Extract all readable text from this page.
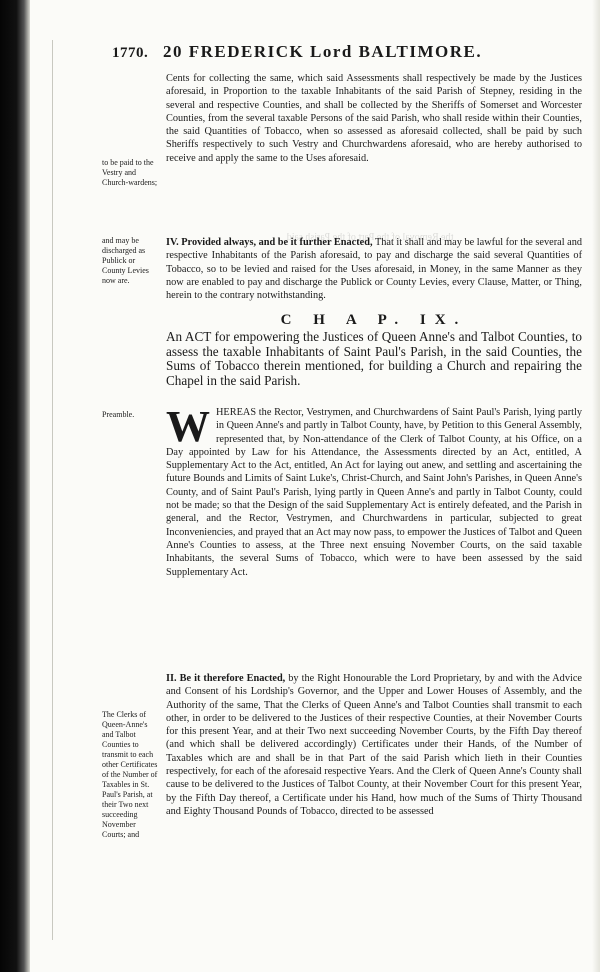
1770. 20 FREDERICK Lord BALTIMORE.
the Removal of the Part of the Parish said

Cents for collecting the same, which said Assessments shall respectively be made by the Justices aforesaid, in Proportion to the taxable Inhabitants of the said Parish of Stepney, residing in the several and respective Counties, and shall be collected by the Sheriffs of Somerset and Worcester Counties, from the several taxable Persons of the said Parish, who shall reside within their Counties, the said Quantities of Tobacco, when so assessed as aforesaid collected, shall be paid by such Sheriffs respectively to such Vestry and Churchwardens aforesaid, who are hereby authorised to receive and apply the same to the Uses aforesaid.

to be paid to the Vestry and Church-wardens;
and may be discharged as Publick or County Levies now are.

IV. Provided always, and be it further Enacted, That it shall and may be lawful for the several and respective Inhabitants of the Parish aforesaid, to pay and discharge the said several Quantities of Tobacco, so to be levied and raised for the Uses aforesaid, in Money, in the same Manner as they now are enabled to pay and discharge the Publick or County Levies, every Clause, Matter, or Thing, herein to the contrary notwithstanding.

C H A P. IX.
An ACT for empowering the Justices of Queen Anne's and Talbot Counties, to assess the taxable Inhabitants of Saint Paul's Parish, in the said Counties, the Sums of Tobacco therein mentioned, for building a Church and repairing the Chapel in the said Parish.
Preamble. WHEREAS the Rector, Vestrymen, and Churchwardens of Saint Paul's Parish, lying partly in Queen Anne's and partly in Talbot County, have, by Petition to this General Assembly, represented that, by Non-attendance of the Clerk of Talbot County, at his Office, on a Day appointed by Law for his Attendance, the Assessments directed by an Act, entitled, A Supplementary Act to the Act, entitled, An Act for laying out anew, and settling and ascertaining the future Bounds and Limits of Saint Luke's, Christ-Church, and Saint John's Parishes, in Queen Anne's County, and of Saint Paul's Parish, lying partly in Queen Anne's and partly in Talbot County, could not be made; so that the Design of the said Supplementary Act is entirely defeated, and the Parish in general, and the Rector, Vestrymen, and Churchwardens in particular, subjected to great Inconveniencies, and prayed that an Act may now pass, to empower the Justices of Talbot and Queen Anne's Counties to assess, at the Three next ensuing November Courts, on the said taxable Inhabitants, the several Sums of Tobacco, which were to have been assessed by the said Supplementary Act.

The Clerks of Queen-Anne's and Talbot Counties to transmit to each other Certificates of the Number of Taxables in St. Paul's Parish, at their Two next succeeding November Courts; and

II. Be it therefore Enacted, by the Right Honourable the Lord Proprietary, by and with the Advice and Consent of his Lordship's Governor, and the Upper and Lower Houses of Assembly, and the Authority of the same, That the Clerks of Queen Anne's and Talbot Counties shall transmit to each other, in order to be delivered to the Justices of their respective Counties, at their November Courts for this present Year, and at their Two next succeeding November Courts, by the Fifth Day thereof (and which shall be delivered accordingly) Certificates under their Hands, of the Number of Taxables which are and shall be in that Part of the said Parish which lieth in their Counties respectively, for each of the aforesaid respective Years. And the Clerk of Queen Anne's County shall cause to be delivered to the Justices of Talbot County, at their November Court for this present Year, by the Fifth Day thereof, a Certificate under his Hand, how much of the Sums of Thirty Thousand and Eighty Thousand Pounds of Tobacco, directed to be assessed
